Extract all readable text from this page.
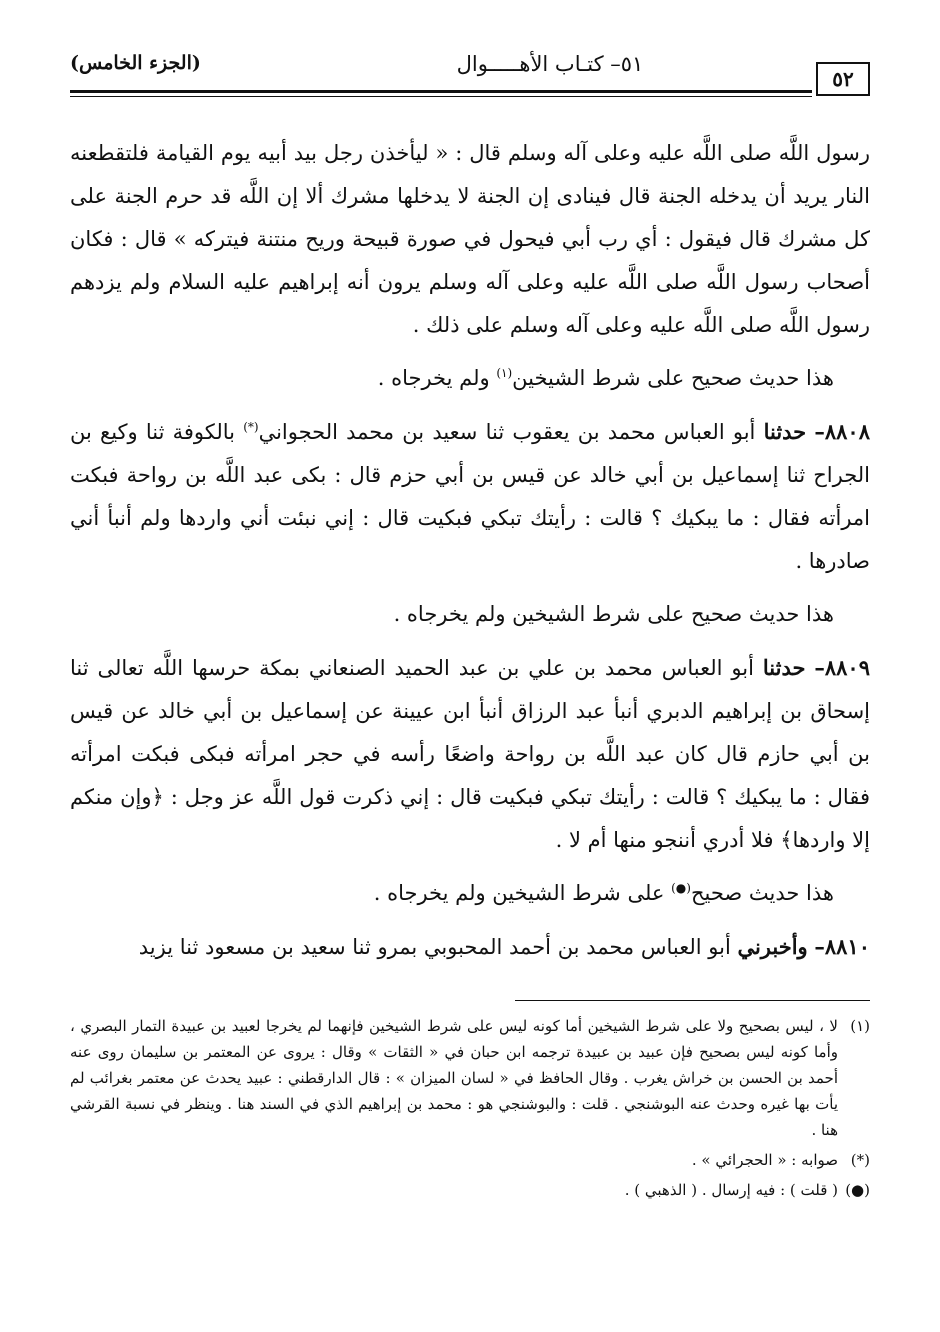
٥٢
٥١– كتـاب الأهـــــوال
(الجزء الخامس)

رسول اللَّه صلى اللَّه عليه وعلى آله وسلم قال : « ليأخذن رجل بيد أبيه يوم القيامة فلتقطعنه النار يريد أن يدخله الجنة قال فينادى إن الجنة لا يدخلها مشرك ألا إن اللَّه قد حرم الجنة على كل مشرك قال فيقول : أي رب أبي فيحول في صورة قبيحة وريح منتنة فيتركه » قال : فكان أصحاب رسول اللَّه صلى اللَّه عليه وعلى آله وسلم يرون أنه إبراهيم عليه السلام ولم يزدهم رسول اللَّه صلى اللَّه عليه وعلى آله وسلم على ذلك .

هذا حديث صحيح على شرط الشيخين$^{(١)}$ ولم يخرجاه .

٨٨٠٨– حدثنا أبو العباس محمد بن يعقوب ثنا سعيد بن محمد الحجواني(*) بالكوفة ثنا وكيع بن الجراح ثنا إسماعيل بن أبي خالد عن قيس بن أبي حزم قال : بكى عبد اللَّه بن رواحة فبكت امرأته فقال : ما يبكيك ؟ قالت : رأيتك تبكي فبكيت قال : إني نبئت أني واردها ولم أنبأ أني صادرها .

هذا حديث صحيح على شرط الشيخين ولم يخرجاه .

٨٨٠٩– حدثنا أبو العباس محمد بن علي بن عبد الحميد الصنعاني بمكة حرسها اللَّه تعالى ثنا إسحاق بن إبراهيم الدبري أنبأ عبد الرزاق أنبأ ابن عيينة عن إسماعيل بن أبي خالد عن قيس بن أبي حازم قال كان عبد اللَّه بن رواحة واضعًا رأسه في حجر امرأته فبكى فبكت امرأته فقال : ما يبكيك ؟ قالت : رأيتك تبكي فبكيت قال : إني ذكرت قول اللَّه عز وجل : ﴿وإن منكم إلا واردها﴾ فلا أدري أننجو منها أم لا .

هذا حديث صحيح(●) على شرط الشيخين ولم يخرجاه .

٨٨١٠– وأخبرني أبو العباس محمد بن أحمد المحبوبي بمرو ثنا سعيد بن مسعود ثنا يزيد

(١)
لا ، ليس بصحيح ولا على شرط الشيخين أما كونه ليس على شرط الشيخين فإنهما لم يخرجا لعبيد بن عبيدة التمار البصري ، وأما كونه ليس بصحيح فإن عبيد بن عبيدة ترجمه ابن حبان في « الثقات » وقال : يروى عن المعتمر بن سليمان روى عنه أحمد بن الحسن بن خراش يغرب . وقال الحافظ في « لسان الميزان » : قال الدارقطني : عبيد يحدث عن معتمر بغرائب لم يأت بها غيره وحدث عنه البوشنجي . قلت : والبوشنجي هو : محمد بن إبراهيم الذي في السند هنا . وينظر في نسبة القرشي هنا .

(*)
صوابه : « الحجرائي » .

(●)
( قلت ) : فيه إرسال . ( الذهبي ) .
